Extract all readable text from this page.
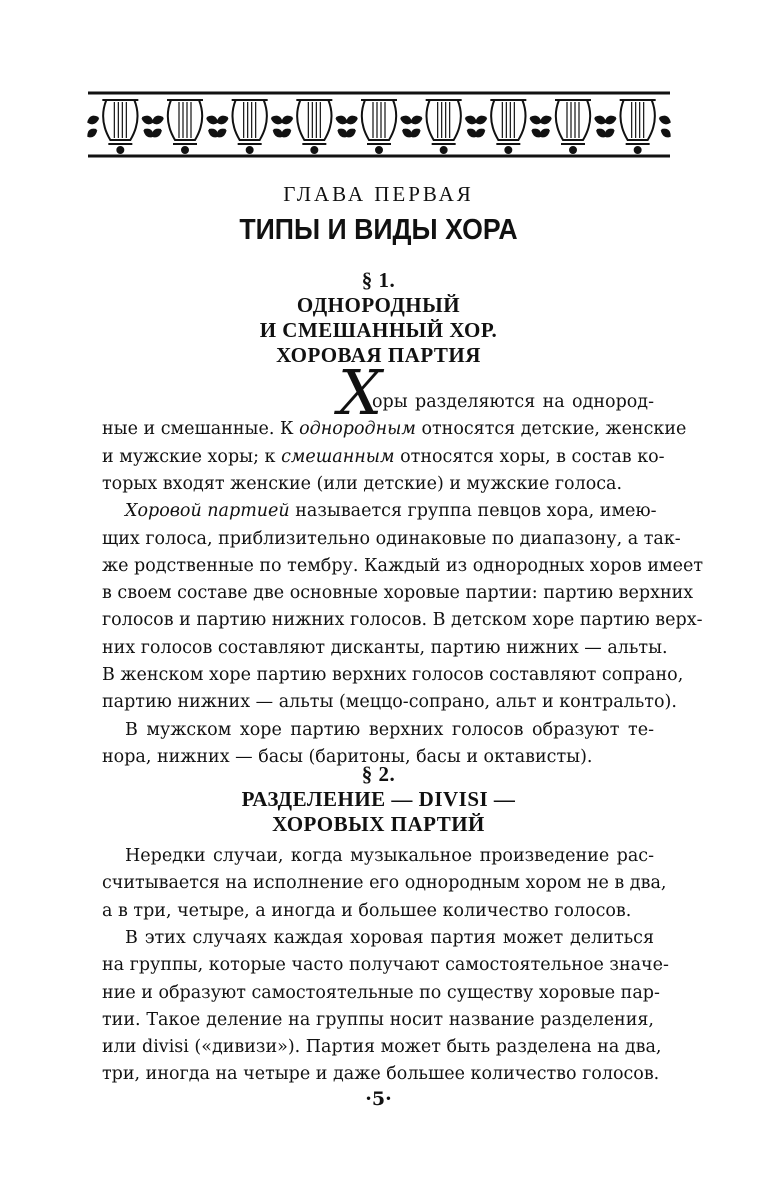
ГЛАВА ПЕРВАЯ
ТИПЫ И ВИДЫ ХОРА
§ 1.
ОДНОРОДНЫЙ
И СМЕШАННЫЙ ХОР.
ХОРОВАЯ ПАРТИЯ
Х
оры разделяются на однород-
ные и смешанные. К однородным относятся детские, женские
и мужские хоры; к смешанным относятся хоры, в состав ко-
торых входят женские (или детские) и мужские голоса.
Хоровой партией называется группа певцов хора, имею-
щих голоса, приблизительно одинаковые по диапазону, а так-
же родственные по тембру. Каждый из однородных хоров имеет
в своем составе две основные хоровые партии: партию верхних
голосов и партию нижних голосов. В детском хоре партию верх-
них голосов составляют дисканты, партию нижних — альты.
В женском хоре партию верхних голосов составляют сопрано,
партию нижних — альты (меццо-сопрано, альт и контральто).
В мужском хоре партию верхних голосов образуют те-
нора, нижних — басы (баритоны, басы и октависты).
§ 2.
РАЗДЕЛЕНИЕ — DIVISI —
ХОРОВЫХ ПАРТИЙ
Нередки случаи, когда музыкальное произведение рас-
считывается на исполнение его однородным хором не в два,
а в три, четыре, а иногда и большее количество голосов.
В этих случаях каждая хоровая партия может делиться
на группы, которые часто получают самостоятельное значе-
ние и образуют самостоятельные по существу хоровые пар-
тии. Такое деление на группы носит название разделения,
или divisi («дивизи»). Партия может быть разделена на два,
три, иногда на четыре и даже большее количество голосов.
·5·
